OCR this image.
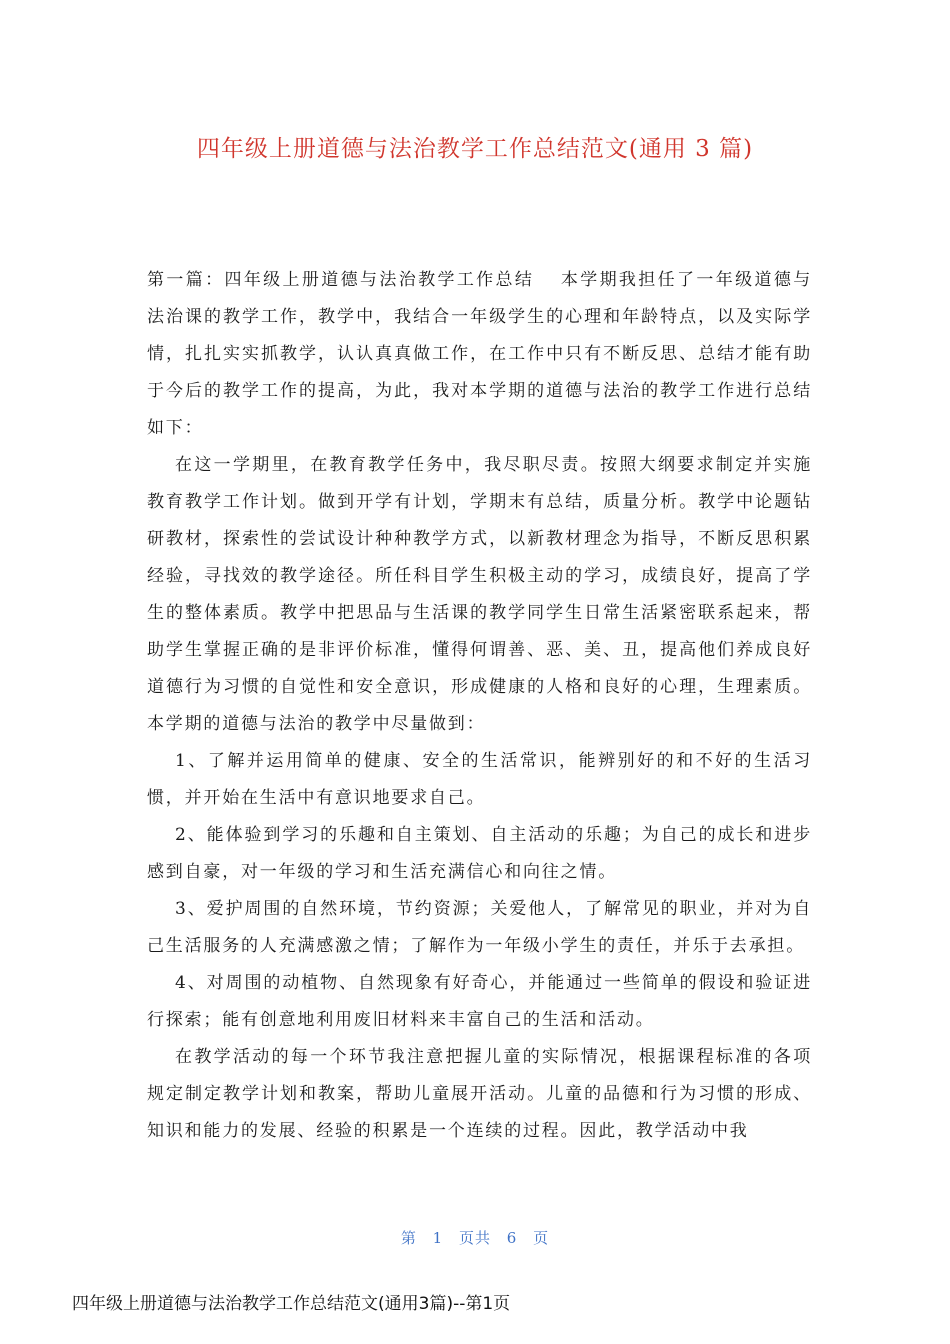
四年级上册道德与法治教学工作总结范文(通用 3 篇)

第一篇：四年级上册道德与法治教学工作总结 本学期我担任了一年级道德与法治课的教学工作，教学中，我结合一年级学生的心理和年龄特点，以及实际学情，扎扎实实抓教学，认认真真做工作，在工作中只有不断反思、总结才能有助于今后的教学工作的提高，为此，我对本学期的道德与法治的教学工作进行总结如下：

在这一学期里，在教育教学任务中，我尽职尽责。按照大纲要求制定并实施教育教学工作计划。做到开学有计划，学期末有总结，质量分析。教学中论题钻研教材，探索性的尝试设计种种教学方式，以新教材理念为指导，不断反思积累经验，寻找效的教学途径。所任科目学生积极主动的学习，成绩良好，提高了学生的整体素质。教学中把思品与生活课的教学同学生日常生活紧密联系起来，帮助学生掌握正确的是非评价标准，懂得何谓善、恶、美、丑，提高他们养成良好道德行为习惯的自觉性和安全意识，形成健康的人格和良好的心理，生理素质。本学期的道德与法治的教学中尽量做到：

1、了解并运用简单的健康、安全的生活常识，能辨别好的和不好的生活习惯，并开始在生活中有意识地要求自己。

2、能体验到学习的乐趣和自主策划、自主活动的乐趣；为自己的成长和进步感到自豪，对一年级的学习和生活充满信心和向往之情。

3、爱护周围的自然环境，节约资源；关爱他人，了解常见的职业，并对为自己生活服务的人充满感激之情；了解作为一年级小学生的责任，并乐于去承担。

4、对周围的动植物、自然现象有好奇心，并能通过一些简单的假设和验证进行探索；能有创意地利用废旧材料来丰富自己的生活和活动。

在教学活动的每一个环节我注意把握儿童的实际情况，根据课程标准的各项规定制定教学计划和教案，帮助儿童展开活动。儿童的品德和行为习惯的形成、知识和能力的发展、经验的积累是一个连续的过程。因此，教学活动中我

第 1 页共 6 页
四年级上册道德与法治教学工作总结范文(通用3篇)--第1页
